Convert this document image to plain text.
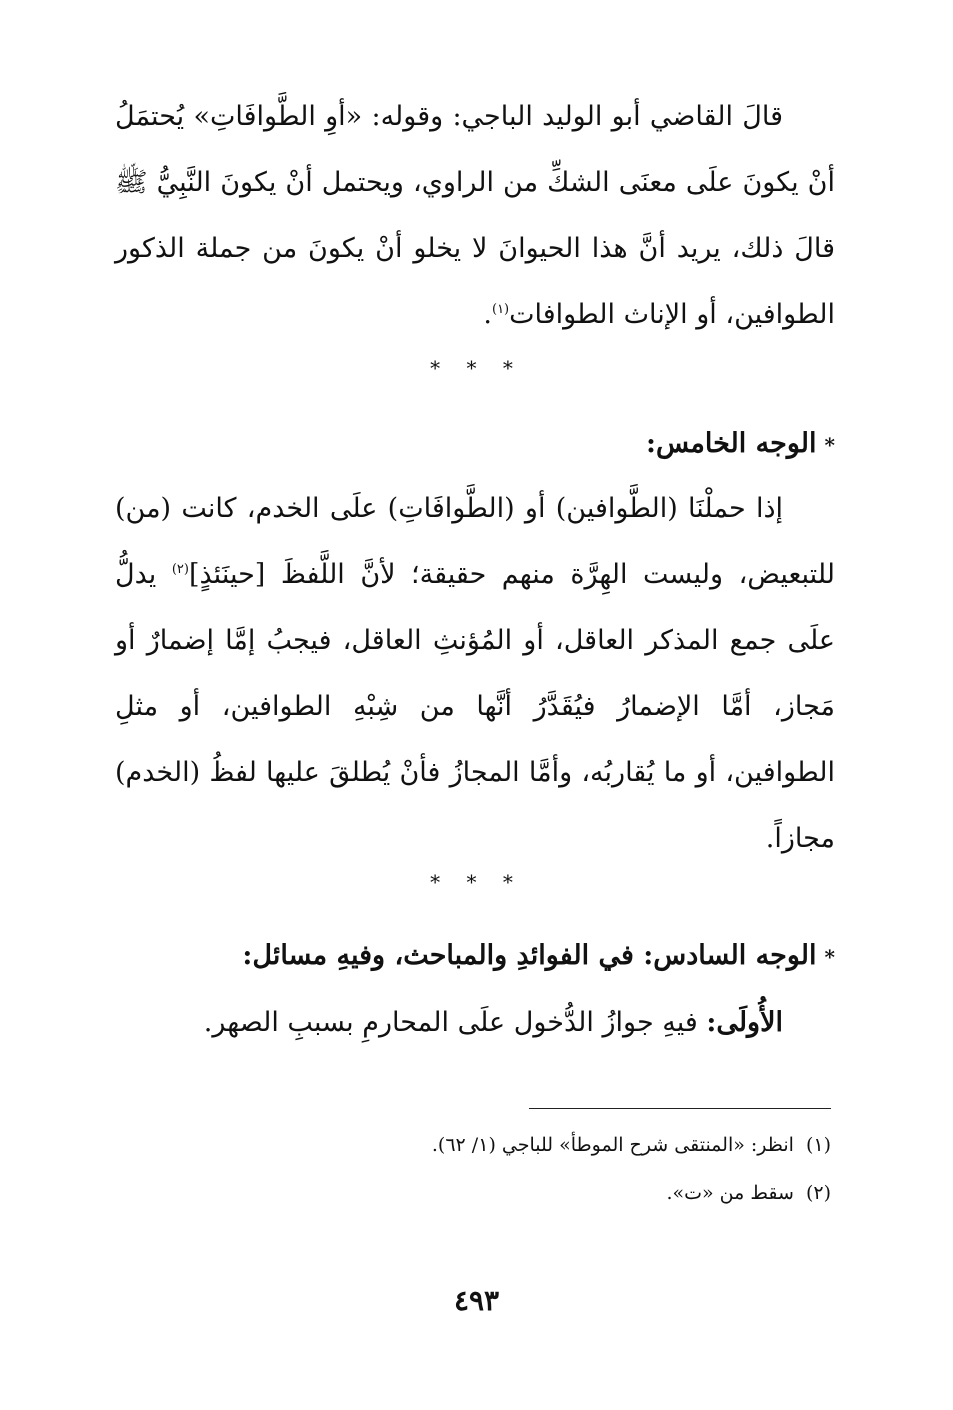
قالَ القاضي أبو الوليد الباجي: وقوله: «أوِ الطَّوافَاتِ» يُحتمَلُ أنْ يكونَ علَى معنَى الشكِّ من الراوي، ويحتمل أنْ يكونَ النَّبِيُّ ﷺ قالَ ذلك، يريد أنَّ هذا الحيوانَ لا يخلو أنْ يكونَ من جملة الذكور الطوافين، أو الإناث الطوافات$^{(١)}$.

* * *

*الوجه الخامس:

إذا حملْنَا (الطَّوافين) أو (الطَّوافَاتِ) علَى الخدم، كانت (من) للتبعيض، وليست الهِرَّة منهم حقيقة؛ لأنَّ اللَّفظَ [حينَئذٍ]$^{(٢)}$ يدلُّ علَى جمع المذكر العاقل، أو المُؤنثِ العاقل، فيجبُ إمَّا إضمارٌ أو مَجاز، أمَّا الإضمارُ فيُقَدَّرُ أنَّها من شِبْهِ الطوافين، أو مثلِ الطوافين، أو ما يُقاربُه، وأمَّا المجازُ فأنْ يُطلقَ عليها لفظُ (الخدم) مجازاً.

* * *

*الوجه السادس: في الفوائدِ والمباحث، وفيهِ مسائل:

الأُولَى: فيهِ جوازُ الدُّخول علَى المحارمِ بسببِ الصهر.

(١)انظر: «المنتقى شرح الموطأ» للباجي (١/ ٦٢).

(٢)سقط من «ت».

٤٩٣
